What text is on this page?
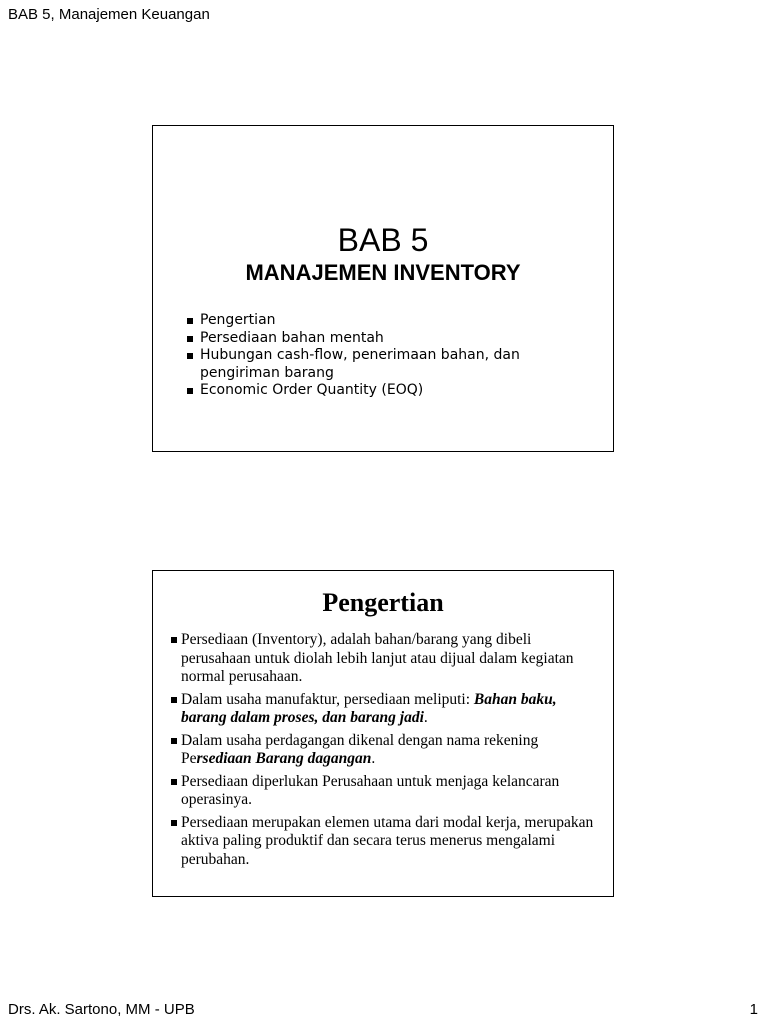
BAB 5, Manajemen Keuangan
BAB 5
MANAJEMEN INVENTORY
Pengertian
Persediaan bahan mentah
Hubungan cash-flow, penerimaan bahan, dan pengiriman barang
Economic Order Quantity (EOQ)
Pengertian
Persediaan (Inventory), adalah bahan/barang yang dibeli perusahaan untuk diolah lebih lanjut atau dijual dalam kegiatan normal perusahaan.
Dalam usaha manufaktur, persediaan meliputi: Bahan baku, barang dalam proses, dan barang jadi.
Dalam usaha perdagangan dikenal dengan nama rekening Persediaan Barang dagangan.
Persediaan diperlukan Perusahaan untuk menjaga kelancaran operasinya.
Persediaan merupakan elemen utama dari modal kerja, merupakan aktiva paling produktif dan secara terus menerus mengalami perubahan.
Drs. Ak. Sartono, MM - UPB	1
